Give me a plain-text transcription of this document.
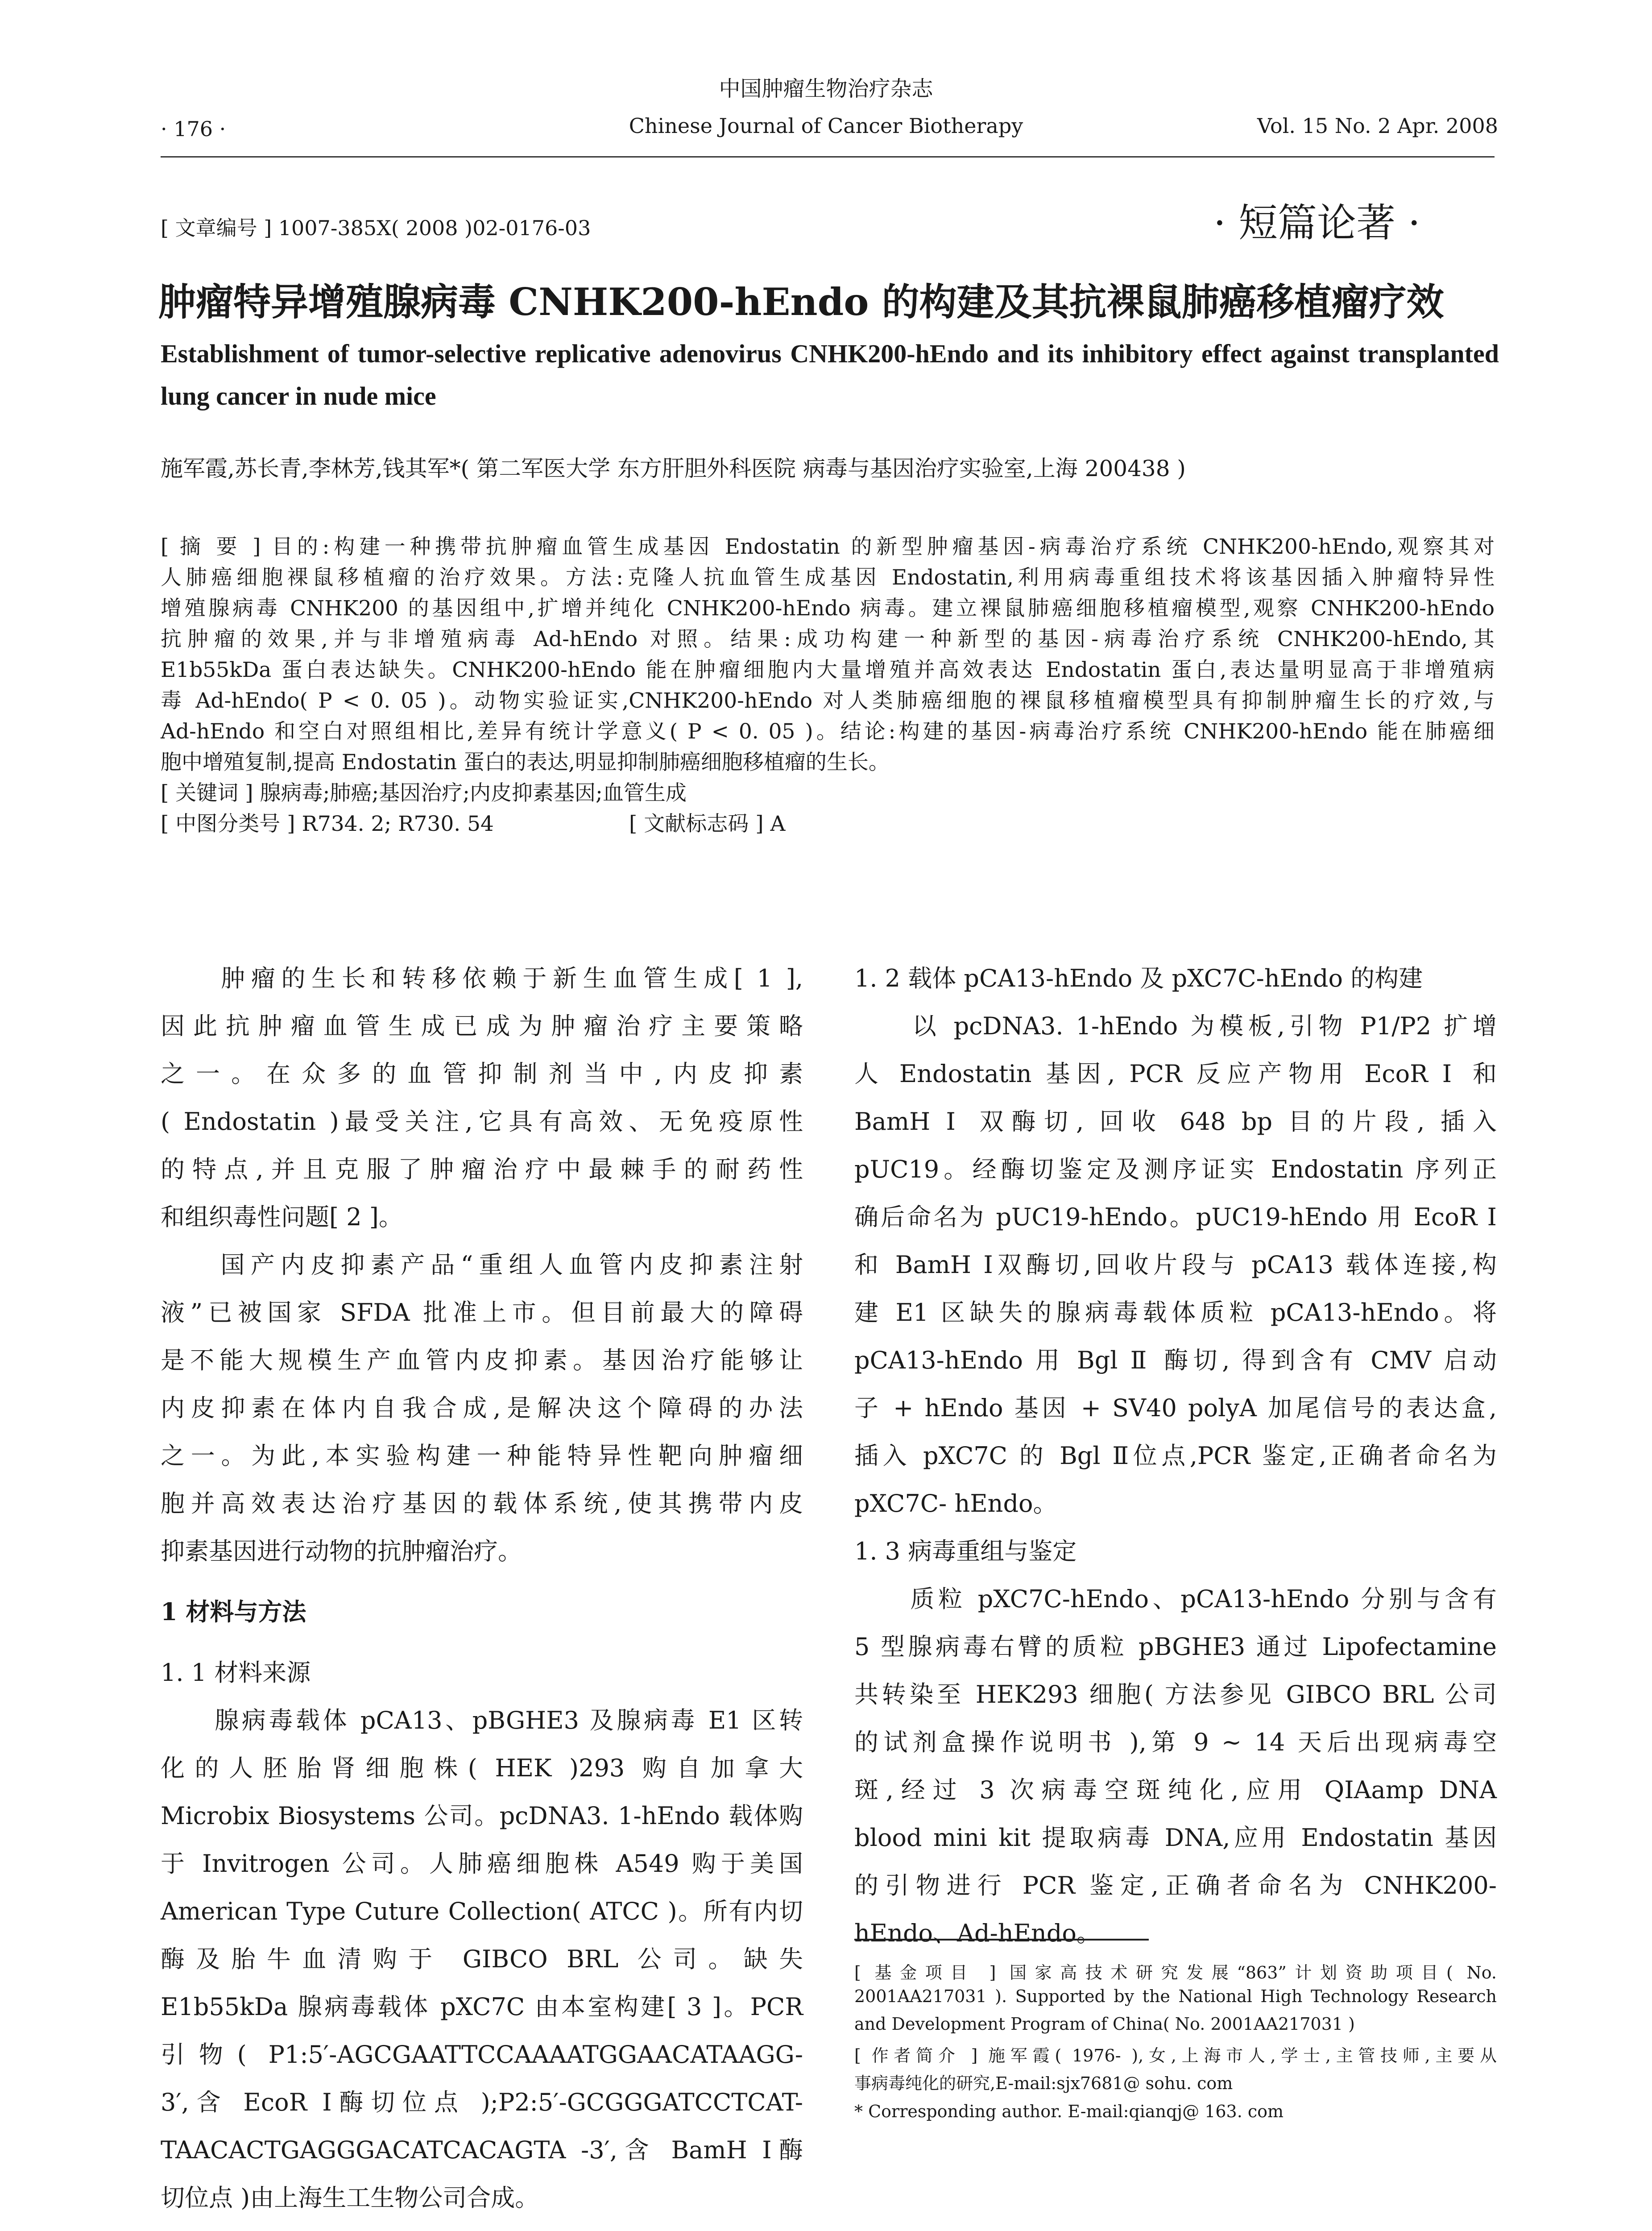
中国肿瘤生物治疗杂志
Chinese Journal of Cancer Biotherapy
· 176 ·	Vol. 15 No. 2 Apr. 2008
[ 文章编号 ] 1007-385X( 2008 )02-0176-03	· 短篇论著 ·
肿瘤特异增殖腺病毒 CNHK200-hEndo 的构建及其抗裸鼠肺癌移植瘤疗效
Establishment of tumor-selective replicative adenovirus CNHK200-hEndo and its inhibitory effect against transplanted lung cancer in nude mice
施军霞,苏长青,李林芳,钱其军*( 第二军医大学 东方肝胆外科医院 病毒与基因治疗实验室,上海 200438 )
[ 摘 要 ] 目的:构建一种携带抗肿瘤血管生成基因 Endostatin 的新型肿瘤基因-病毒治疗系统 CNHK200-hEndo,观察其对
人肺癌细胞裸鼠移植瘤的治疗效果。方法:克隆人抗血管生成基因 Endostatin,利用病毒重组技术将该基因插入肿瘤特异性
增殖腺病毒 CNHK200 的基因组中,扩增并纯化 CNHK200-hEndo 病毒。建立裸鼠肺癌细胞移植瘤模型,观察 CNHK200-hEndo
抗肿瘤的效果,并与非增殖病毒 Ad-hEndo 对照。结果:成功构建一种新型的基因-病毒治疗系统 CNHK200-hEndo,其
E1b55kDa 蛋白表达缺失。CNHK200-hEndo 能在肿瘤细胞内大量增殖并高效表达 Endostatin 蛋白,表达量明显高于非增殖病
毒 Ad-hEndo( P < 0. 05 )。动物实验证实,CNHK200-hEndo 对人类肺癌细胞的裸鼠移植瘤模型具有抑制肿瘤生长的疗效,与
Ad-hEndo 和空白对照组相比,差异有统计学意义( P < 0. 05 )。结论:构建的基因-病毒治疗系统 CNHK200-hEndo 能在肺癌细
胞中增殖复制,提高 Endostatin 蛋白的表达,明显抑制肺癌细胞移植瘤的生长。
[ 关键词 ] 腺病毒;肺癌;基因治疗;内皮抑素基因;血管生成
[ 中图分类号 ] R734. 2; R730. 54	[ 文献标志码 ] A
　　肿瘤的生长和转移依赖于新生血管生成[ 1 ],
因此抗肿瘤血管生成已成为肿瘤治疗主要策略
之一。在众多的血管抑制剂当中,内皮抑素
( Endostatin )最受关注,它具有高效、无免疫原性
的特点,并且克服了肿瘤治疗中最棘手的耐药性
和组织毒性问题[ 2 ]。
　　国产内皮抑素产品“重组人血管内皮抑素注射
液”已被国家 SFDA 批准上市。但目前最大的障碍
是不能大规模生产血管内皮抑素。基因治疗能够让
内皮抑素在体内自我合成,是解决这个障碍的办法
之一。为此,本实验构建一种能特异性靶向肿瘤细
胞并高效表达治疗基因的载体系统,使其携带内皮
抑素基因进行动物的抗肿瘤治疗。
1 材料与方法
1. 1 材料来源
　　腺病毒载体 pCA13、pBGHE3 及腺病毒 E1 区转
化的人胚胎肾细胞株( HEK )293 购自加拿大
Microbix Biosystems 公司。pcDNA3. 1-hEndo 载体购
于 Invitrogen 公司。人肺癌细胞株 A549 购于美国
American Type Cuture Collection( ATCC )。所有内切
酶及胎牛血清购于 GIBCO BRL 公司。缺失
E1b55kDa 腺病毒载体 pXC7C 由本室构建[ 3 ]。PCR
引物( P1:5′-AGCGAATTCCAAAATGGAACATAAGG-
3′,含 EcoR Ⅰ酶切位点 );P2:5′-GCGGGATCCTCAT-
TAACACTGAGGGACATCACAGTA -3′,含 BamH Ⅰ酶
切位点 )由上海生工生物公司合成。
1. 2 载体 pCA13-hEndo 及 pXC7C-hEndo 的构建
　　以 pcDNA3. 1-hEndo 为模板,引物 P1/P2 扩增
人 Endostatin 基因, PCR 反应产物用 EcoR Ⅰ 和
BamH Ⅰ 双酶切, 回收 648 bp 目的片段, 插入
pUC19。经酶切鉴定及测序证实 Endostatin 序列正
确后命名为 pUC19-hEndo。pUC19-hEndo 用 EcoR Ⅰ
和 BamH Ⅰ双酶切,回收片段与 pCA13 载体连接,构
建 E1 区缺失的腺病毒载体质粒 pCA13-hEndo。将
pCA13-hEndo 用 Bgl Ⅱ 酶切, 得到含有 CMV 启动
子 + hEndo 基因 + SV40 polyA 加尾信号的表达盒,
插入 pXC7C 的 Bgl Ⅱ位点,PCR 鉴定,正确者命名为
pXC7C- hEndo。
1. 3 病毒重组与鉴定
　　质粒 pXC7C-hEndo、pCA13-hEndo 分别与含有
5 型腺病毒右臂的质粒 pBGHE3 通过 Lipofectamine
共转染至 HEK293 细胞( 方法参见 GIBCO BRL 公司
的试剂盒操作说明书 ),第 9 ~ 14 天后出现病毒空
斑,经过 3 次病毒空斑纯化,应用 QIAamp DNA
blood mini kit 提取病毒 DNA,应用 Endostatin 基因
的引物进行 PCR 鉴定,正确者命名为 CNHK200-
hEndo、Ad-hEndo。
[ 基金项目 ] 国家高技术研究发展“863”计划资助项目( No.
2001AA217031 ). Supported by the National High Technology Research
and Development Program of China( No. 2001AA217031 )
[ 作者简介 ] 施军霞( 1976- ),女,上海市人,学士,主管技师,主要从
事病毒纯化的研究,E-mail:sjx7681@ sohu. com
* Corresponding author. E-mail:qianqj@ 163. com
